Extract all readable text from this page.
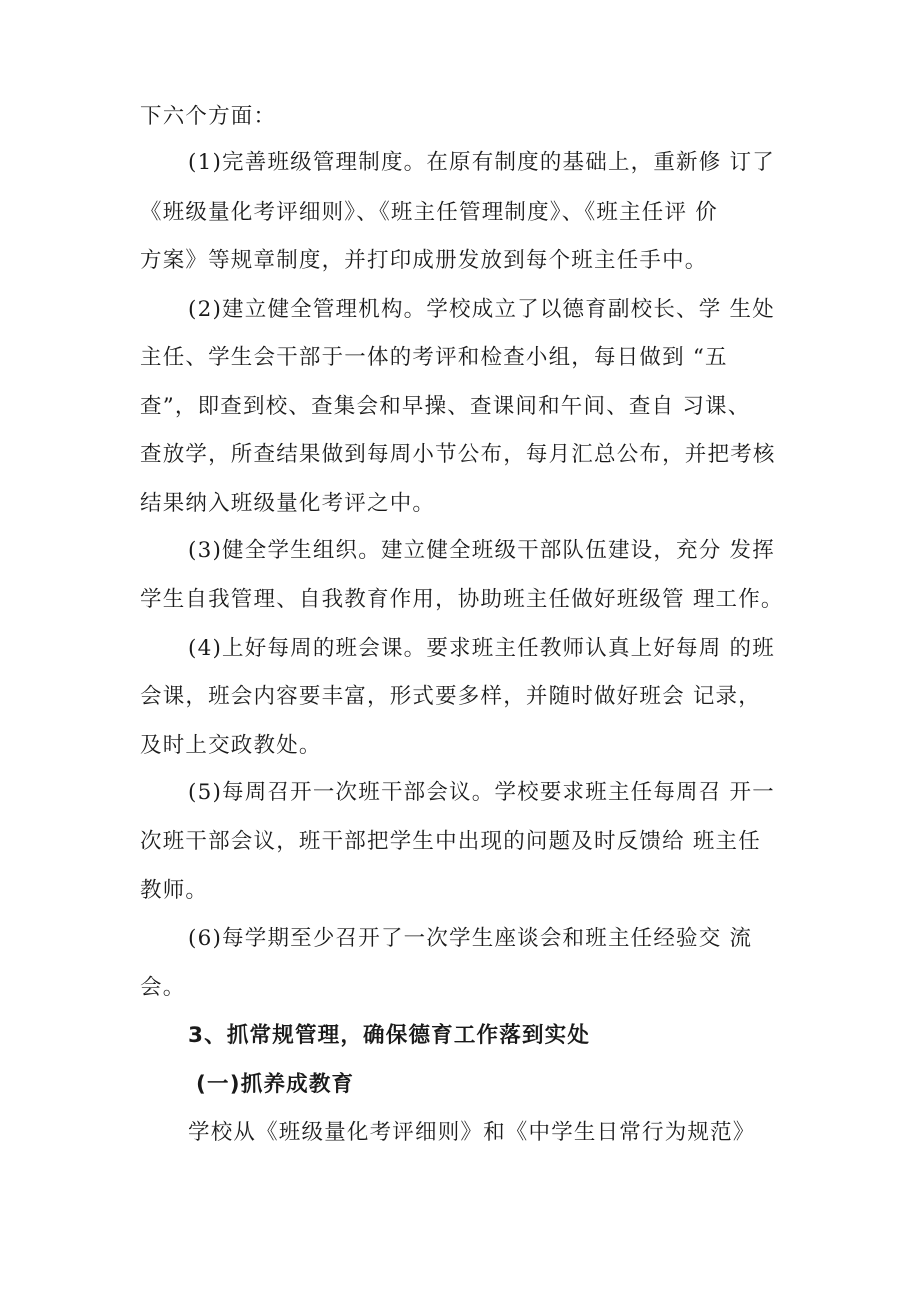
下六个方面：

(1)完善班级管理制度。在原有制度的基础上，重新修 订了

《班级量化考评细则》、《班主任管理制度》、《班主任评 价

方案》等规章制度，并打印成册发放到每个班主任手中。

(2)建立健全管理机构。学校成立了以德育副校长、学 生处

主任、学生会干部于一体的考评和检查小组，每日做到 “五

查”，即查到校、查集会和早操、查课间和午间、查自 习课、

查放学，所查结果做到每周小节公布，每月汇总公布，并把考核

结果纳入班级量化考评之中。

(3)健全学生组织。建立健全班级干部队伍建设，充分 发挥

学生自我管理、自我教育作用，协助班主任做好班级管 理工作。

(4)上好每周的班会课。要求班主任教师认真上好每周 的班

会课，班会内容要丰富，形式要多样，并随时做好班会 记录，

及时上交政教处。

(5)每周召开一次班干部会议。学校要求班主任每周召 开一

次班干部会议，班干部把学生中出现的问题及时反馈给 班主任

教师。

(6)每学期至少召开了一次学生座谈会和班主任经验交 流

会。

3、抓常规管理，确保德育工作落到实处

(一)抓养成教育

学校从《班级量化考评细则》和《中学生日常行为规范》
